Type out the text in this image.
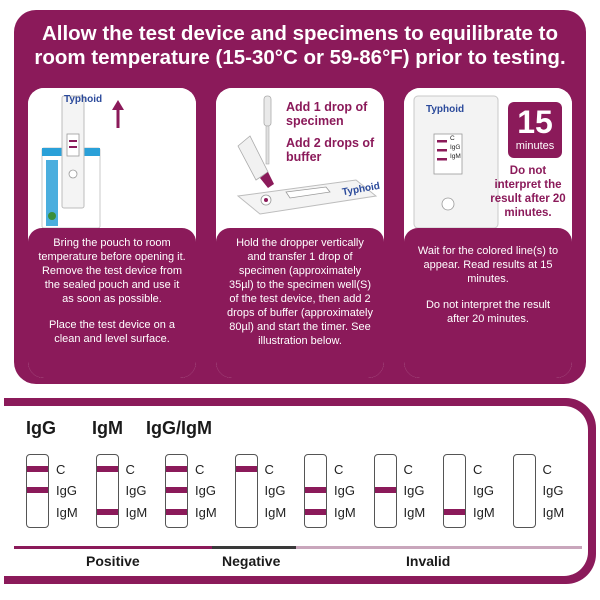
Allow the test device and specimens to equilibrate to room temperature (15-30°C or 59-86°F) prior to testing.
Typhoid

Bring the pouch to room temperature before opening it. Remove the test device from the sealed pouch and use it as soon as possible.

Place the test device on a clean and level surface.

Add 1 drop of specimen
Add 2 drops of buffer
Typhoid

Hold the dropper vertically and transfer 1 drop of specimen (approximately 35µl) to the specimen well(S) of the test device, then add 2 drops of buffer (approximately 80µl) and start the timer. See illustration below.

Typhoid
C
IgG
IgM
15
minutes
Do not interpret the result after 20 minutes.

Wait for the colored line(s) to appear. Read results at 15 minutes.

Do not interpret the result after 20 minutes.

IgG IgM IgG/IgM
C
IgG
IgM
C
IgG
IgM
C
IgG
IgM
C
IgG
IgM
C
IgG
IgM
C
IgG
IgM
C
IgG
IgM
C
IgG
IgM
Positive	Negative	Invalid
